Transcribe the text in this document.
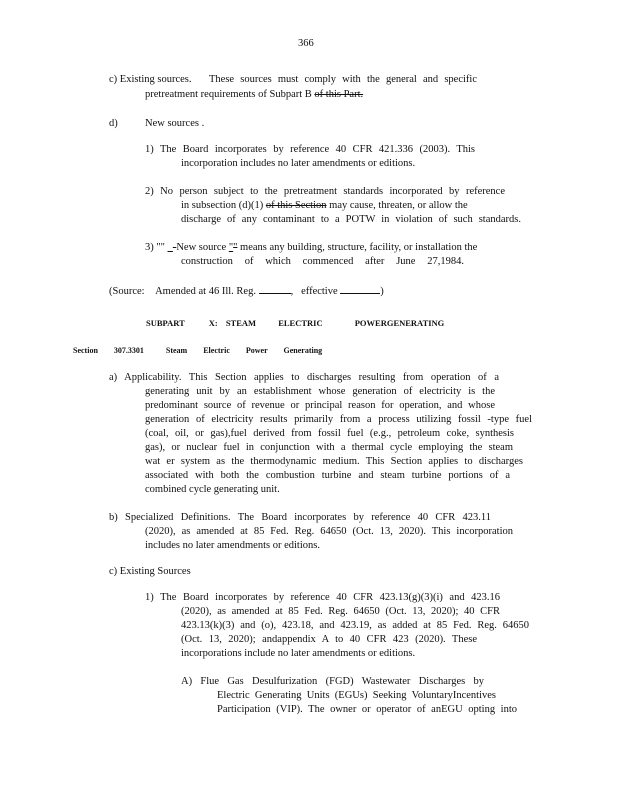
366
c) Existing sources. These sources must comply with the general and specific
pretreatment requirements of Subpart B of this Part.
d)	New sources .
1) The Board incorporates by reference 40 CFR 421.336 (2003). This
incorporation includes no later amendments or editions.
2) No person subject to the pretreatment standards incorporated by reference
in subsection (d)(1) of this Section may cause, threaten, or allow the
discharge of any contaminant to a POTW in violation of such standards.
3) "" _-New source "" means any building, structure, facility, or installation the
construction of which commenced after June 27,1984.
(Source: Amended at 46 Ill. Reg.	,   effective	)
SUBPART	X: STEAM	ELECTRIC	POWERGENERATING
Section 307.3301	Steam Electric Power Generating
a) Applicability. This Section applies to discharges resulting from operation of a
generating unit by an establishment whose generation of electricity is the
predominant source of revenue or principal reason for operation, and whose
generation of electricity results primarily from a process utilizing fossil -type fuel
(coal, oil, or gas),fuel derived from fossil fuel (e.g., petroleum coke, synthesis
gas), or nuclear fuel in conjunction with a thermal cycle employing the steam
wat er system as the thermodynamic medium. This Section applies to discharges
associated with both the combustion turbine and steam turbine portions of a
combined cycle generating unit.
b) Specialized Definitions. The Board incorporates by reference 40 CFR 423.11
(2020), as amended at 85 Fed. Reg. 64650 (Oct. 13, 2020). This incorporation
includes no later amendments or editions.
c) Existing Sources
1) The Board incorporates by reference 40 CFR 423.13(g)(3)(i) and 423.16
(2020), as amended at 85 Fed. Reg. 64650 (Oct. 13, 2020); 40 CFR
423.13(k)(3) and (o), 423.18, and 423.19, as added at 85 Fed. Reg. 64650
(Oct. 13, 2020); andappendix A to 40 CFR 423 (2020). These
incorporations include no later amendments or editions.
A) Flue Gas Desulfurization (FGD) Wastewater Discharges by
Electric Generating Units (EGUs) Seeking VoluntaryIncentives
Participation (VIP). The owner or operator of anEGU opting into
